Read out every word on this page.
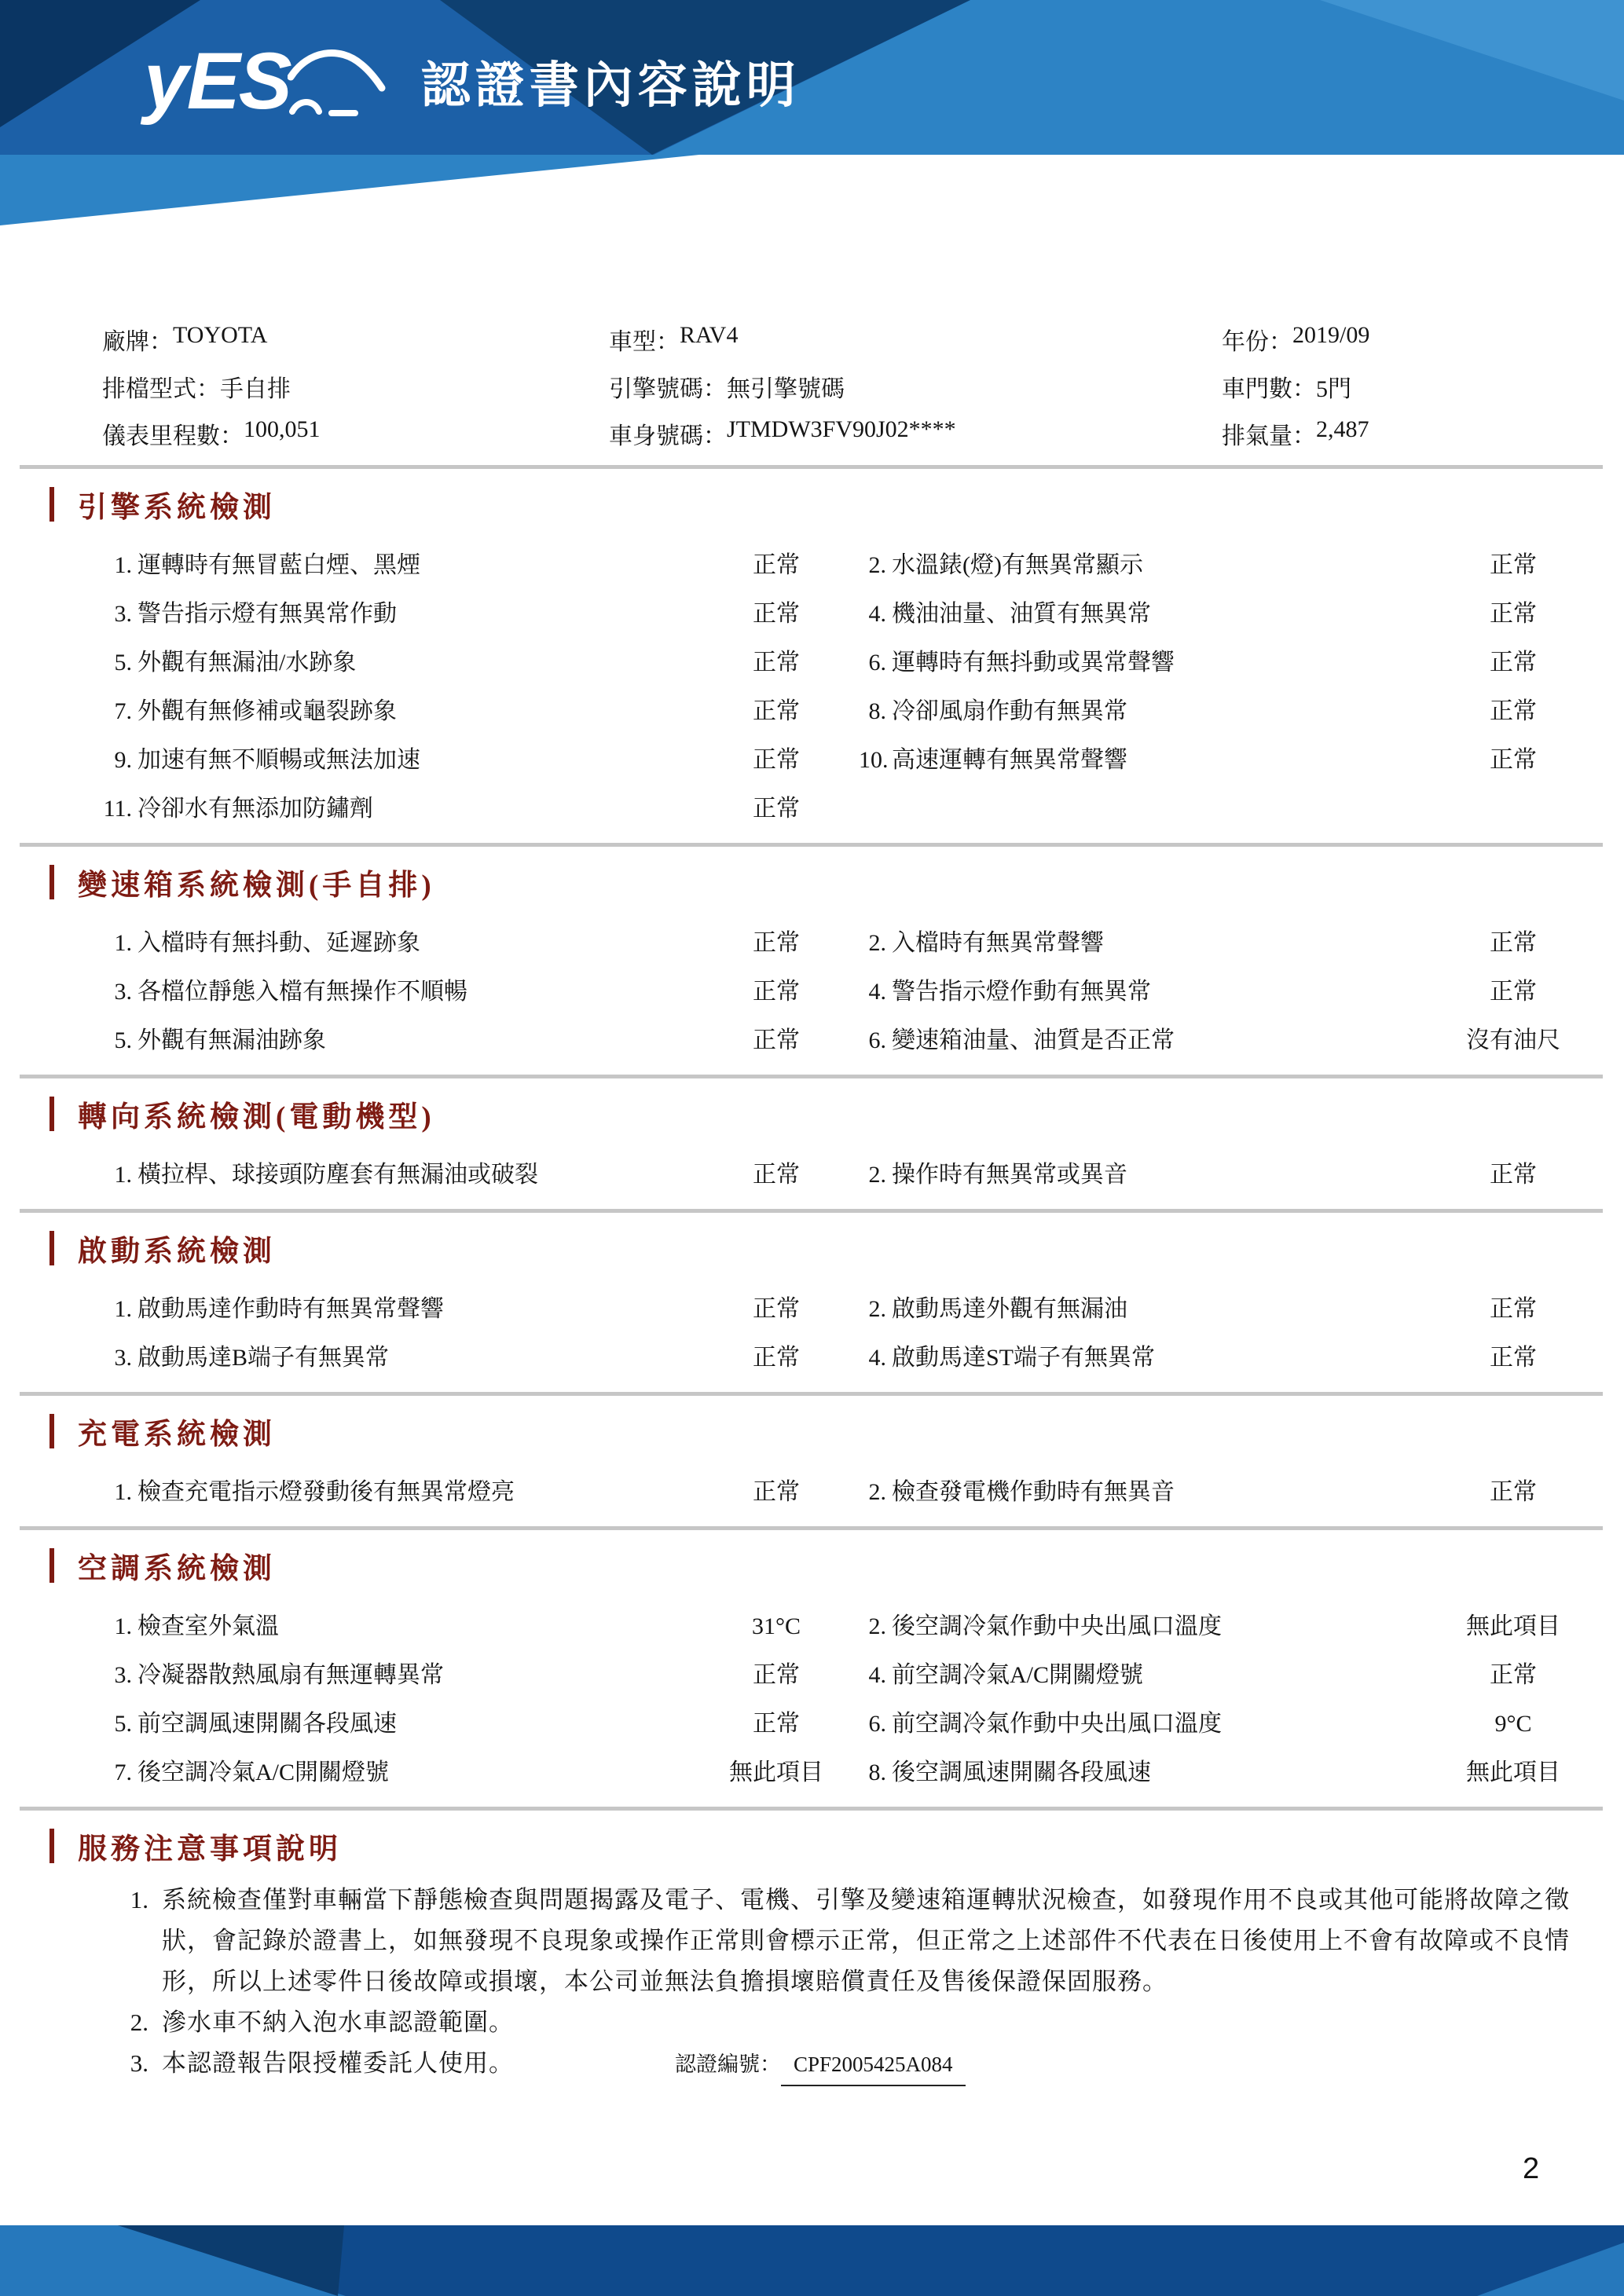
yES	認證書內容說明
廠牌： TOYOTA	車型： RAV4	年份： 2019/09
排檔型式： 手自排	引擎號碼： 無引擎號碼	車門數： 5門
儀表里程數： 100,051	車身號碼： JTMDW3FV90J02****	排氣量： 2,487
引擎系統檢測
1. 運轉時有無冒藍白煙、黑煙	正常	2. 水溫錶(燈)有無異常顯示	正常
3. 警告指示燈有無異常作動	正常	4. 機油油量、油質有無異常	正常
5. 外觀有無漏油/水跡象	正常	6. 運轉時有無抖動或異常聲響	正常
7. 外觀有無修補或龜裂跡象	正常	8. 冷卻風扇作動有無異常	正常
9. 加速有無不順暢或無法加速	正常	10. 高速運轉有無異常聲響	正常
11. 冷卻水有無添加防鏽劑	正常
變速箱系統檢測(手自排)
1. 入檔時有無抖動、延遲跡象	正常	2. 入檔時有無異常聲響	正常
3. 各檔位靜態入檔有無操作不順暢	正常	4. 警告指示燈作動有無異常	正常
5. 外觀有無漏油跡象	正常	6. 變速箱油量、油質是否正常	沒有油尺
轉向系統檢測(電動機型)
1. 橫拉桿、球接頭防塵套有無漏油或破裂	正常	2. 操作時有無異常或異音	正常
啟動系統檢測
1. 啟動馬達作動時有無異常聲響	正常	2. 啟動馬達外觀有無漏油	正常
3. 啟動馬達B端子有無異常	正常	4. 啟動馬達ST端子有無異常	正常
充電系統檢測
1. 檢查充電指示燈發動後有無異常燈亮	正常	2. 檢查發電機作動時有無異音	正常
空調系統檢測
1. 檢查室外氣溫	31°C	2. 後空調冷氣作動中央出風口溫度	無此項目
3. 冷凝器散熱風扇有無運轉異常	正常	4. 前空調冷氣A/C開關燈號	正常
5. 前空調風速開關各段風速	正常	6. 前空調冷氣作動中央出風口溫度	9°C
7. 後空調冷氣A/C開關燈號	無此項目	8. 後空調風速開關各段風速	無此項目
服務注意事項說明
1. 系統檢查僅對車輛當下靜態檢查與問題揭露及電子、電機、引擎及變速箱運轉狀況檢查，如發現作用不良或其他可能將故障之徵狀，會記錄於證書上，如無發現不良現象或操作正常則會標示正常，但正常之上述部件不代表在日後使用上不會有故障或不良情形，所以上述零件日後故障或損壞，本公司並無法負擔損壞賠償責任及售後保證保固服務。
2. 滲水車不納入泡水車認證範圍。
3. 本認證報告限授權委託人使用。	認證編號： CPF2005425A084
2
